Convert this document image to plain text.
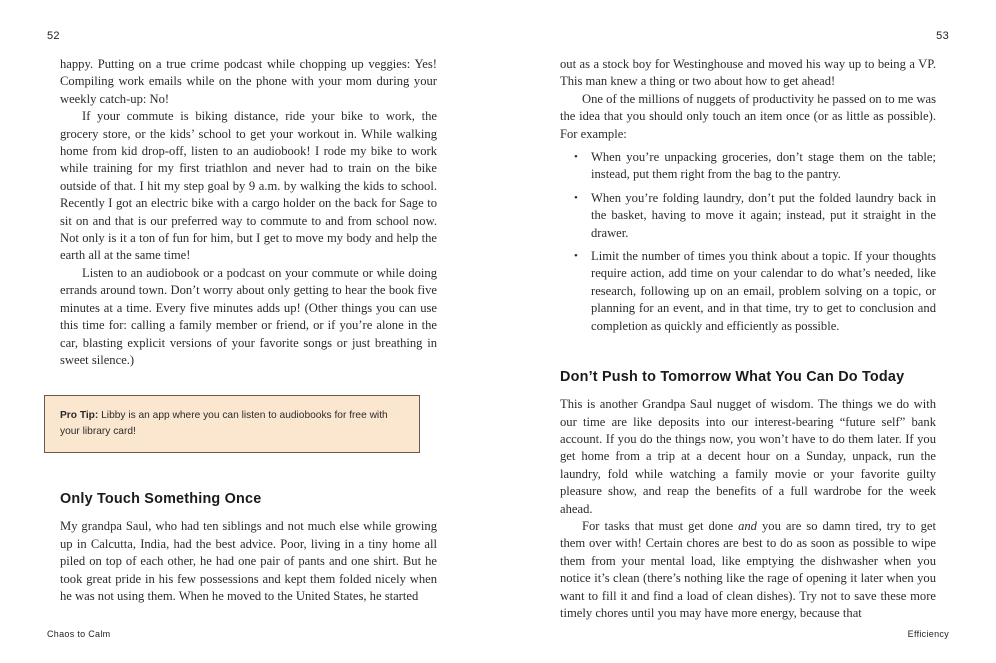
52

happy. Putting on a true crime podcast while chopping up veggies: Yes! Compiling work emails while on the phone with your mom during your weekly catch-up: No!

If your commute is biking distance, ride your bike to work, the grocery store, or the kids’ school to get your workout in. While walking home from kid drop-off, listen to an audiobook! I rode my bike to work while training for my first triathlon and never had to train on the bike outside of that. I hit my step goal by 9 a.m. by walking the kids to school. Recently I got an electric bike with a cargo holder on the back for Sage to sit on and that is our preferred way to commute to and from school now. Not only is it a ton of fun for him, but I get to move my body and help the earth all at the same time!

Listen to an audiobook or a podcast on your commute or while doing errands around town. Don’t worry about only getting to hear the book five minutes at a time. Every five minutes adds up! (Other things you can use this time for: calling a family member or friend, or if you’re alone in the car, blasting explicit versions of your favorite songs or just breathing in sweet silence.)

Pro Tip: Libby is an app where you can listen to audiobooks for free with your library card!
Only Touch Something Once

My grandpa Saul, who had ten siblings and not much else while growing up in Calcutta, India, had the best advice. Poor, living in a tiny home all piled on top of each other, he had one pair of pants and one shirt. But he took great pride in his few possessions and kept them folded nicely when he was not using them. When he moved to the United States, he started

Chaos to Calm
53

out as a stock boy for Westinghouse and moved his way up to being a VP. This man knew a thing or two about how to get ahead!

One of the millions of nuggets of productivity he passed on to me was the idea that you should only touch an item once (or as little as possible). For example:

• When you’re unpacking groceries, don’t stage them on the table; instead, put them right from the bag to the pantry.
• When you’re folding laundry, don’t put the folded laundry back in the basket, having to move it again; instead, put it straight in the drawer.
• Limit the number of times you think about a topic. If your thoughts require action, add time on your calendar to do what’s needed, like research, following up on an email, problem solving on a topic, or planning for an event, and in that time, try to get to conclusion and completion as quickly and efficiently as possible.
Don’t Push to Tomorrow What You Can Do Today

This is another Grandpa Saul nugget of wisdom. The things we do with our time are like deposits into our interest-bearing “future self” bank account. If you do the things now, you won’t have to do them later. If you get home from a trip at a decent hour on a Sunday, unpack, run the laundry, fold while watching a family movie or your favorite guilty pleasure show, and reap the benefits of a full wardrobe for the week ahead.

For tasks that must get done and you are so damn tired, try to get them over with! Certain chores are best to do as soon as possible to wipe them from your mental load, like emptying the dishwasher when you notice it’s clean (there’s nothing like the rage of opening it later when you want to fill it and find a load of clean dishes). Try not to save these more timely chores until you may have more energy, because that

Efficiency
